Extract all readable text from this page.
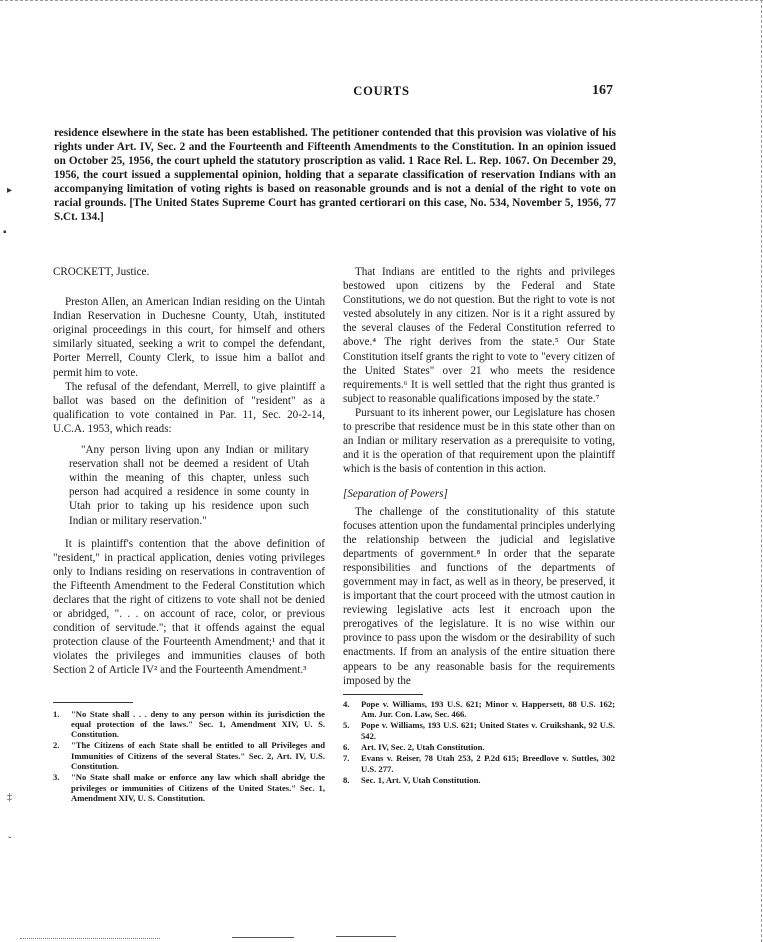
COURTS	167

residence elsewhere in the state has been established. The petitioner contended that this provision was violative of his rights under Art. IV, Sec. 2 and the Fourteenth and Fifteenth Amendments to the Constitution. In an opinion issued on October 25, 1956, the court upheld the statutory proscription as valid. 1 Race Rel. L. Rep. 1067. On December 29, 1956, the court issued a supplemental opinion, holding that a separate classification of reservation Indians with an accompanying limitation of voting rights is based on reasonable grounds and is not a denial of the right to vote on racial grounds. [The United States Supreme Court has granted certiorari on this case, No. 534, November 5, 1956, 77 S.Ct. 134.]

▸
▪

CROCKETT, Justice.

Preston Allen, an American Indian residing on the Uintah Indian Reservation in Duchesne County, Utah, instituted original proceedings in this court, for himself and others similarly situated, seeking a writ to compel the defendant, Porter Merrell, County Clerk, to issue him a ballot and permit him to vote.

The refusal of the defendant, Merrell, to give plaintiff a ballot was based on the definition of "resident" as a qualification to vote contained in Par. 11, Sec. 20-2-14, U.C.A. 1953, which reads:

"Any person living upon any Indian or military reservation shall not be deemed a resident of Utah within the meaning of this chapter, unless such person had acquired a residence in some county in Utah prior to taking up his residence upon such Indian or military reservation."

It is plaintiff's contention that the above definition of "resident," in practical application, denies voting privileges only to Indians residing on reservations in contravention of the Fifteenth Amendment to the Federal Constitution which declares that the right of citizens to vote shall not be denied or abridged, ". . . on account of race, color, or previous condition of servitude."; that it offends against the equal protection clause of the Fourteenth Amendment;¹ and that it violates the privileges and immunities clauses of both Section 2 of Article IV² and the Fourteenth Amendment.³

1.	"No State shall . . . deny to any person within its jurisdiction the equal protection of the laws." Sec. 1, Amendment XIV, U. S. Constitution.
2.	"The Citizens of each State shall be entitled to all Privileges and Immunities of Citizens of the several States." Sec. 2, Art. IV, U.S. Constitution.
3.	"No State shall make or enforce any law which shall abridge the privileges or immunities of Citizens of the United States." Sec. 1, Amendment XIV, U. S. Constitution.

That Indians are entitled to the rights and privileges bestowed upon citizens by the Federal and State Constitutions, we do not question. But the right to vote is not vested absolutely in any citizen. Nor is it a right assured by the several clauses of the Federal Constitution referred to above.⁴ The right derives from the state.⁵ Our State Constitution itself grants the right to vote to "every citizen of the United States" over 21 who meets the residence requirements.⁶ It is well settled that the right thus granted is subject to reasonable qualifications imposed by the state.⁷

Pursuant to its inherent power, our Legislature has chosen to prescribe that residence must be in this state other than on an Indian or military reservation as a prerequisite to voting, and it is the operation of that requirement upon the plaintiff which is the basis of contention in this action.

[Separation of Powers]

The challenge of the constitutionality of this statute focuses attention upon the fundamental principles underlying the relationship between the judicial and legislative departments of government.⁸ In order that the separate responsibilities and functions of the departments of government may in fact, as well as in theory, be preserved, it is important that the court proceed with the utmost caution in reviewing legislative acts lest it encroach upon the prerogatives of the legislature. It is no wise within our province to pass upon the wisdom or the desirability of such enactments. If from an analysis of the entire situation there appears to be any reasonable basis for the requirements imposed by the

4.	Pope v. Williams, 193 U.S. 621; Minor v. Happersett, 88 U.S. 162; Am. Jur. Con. Law, Sec. 466.
5.	Pope v. Williams, 193 U.S. 621; United States v. Cruikshank, 92 U.S. 542.
6.	Art. IV, Sec. 2, Utah Constitution.
7.	Evans v. Reiser, 78 Utah 253, 2 P.2d 615; Breedlove v. Suttles, 302 U.S. 277.
8.	Sec. 1, Art. V, Utah Constitution.
‡
ˇ
